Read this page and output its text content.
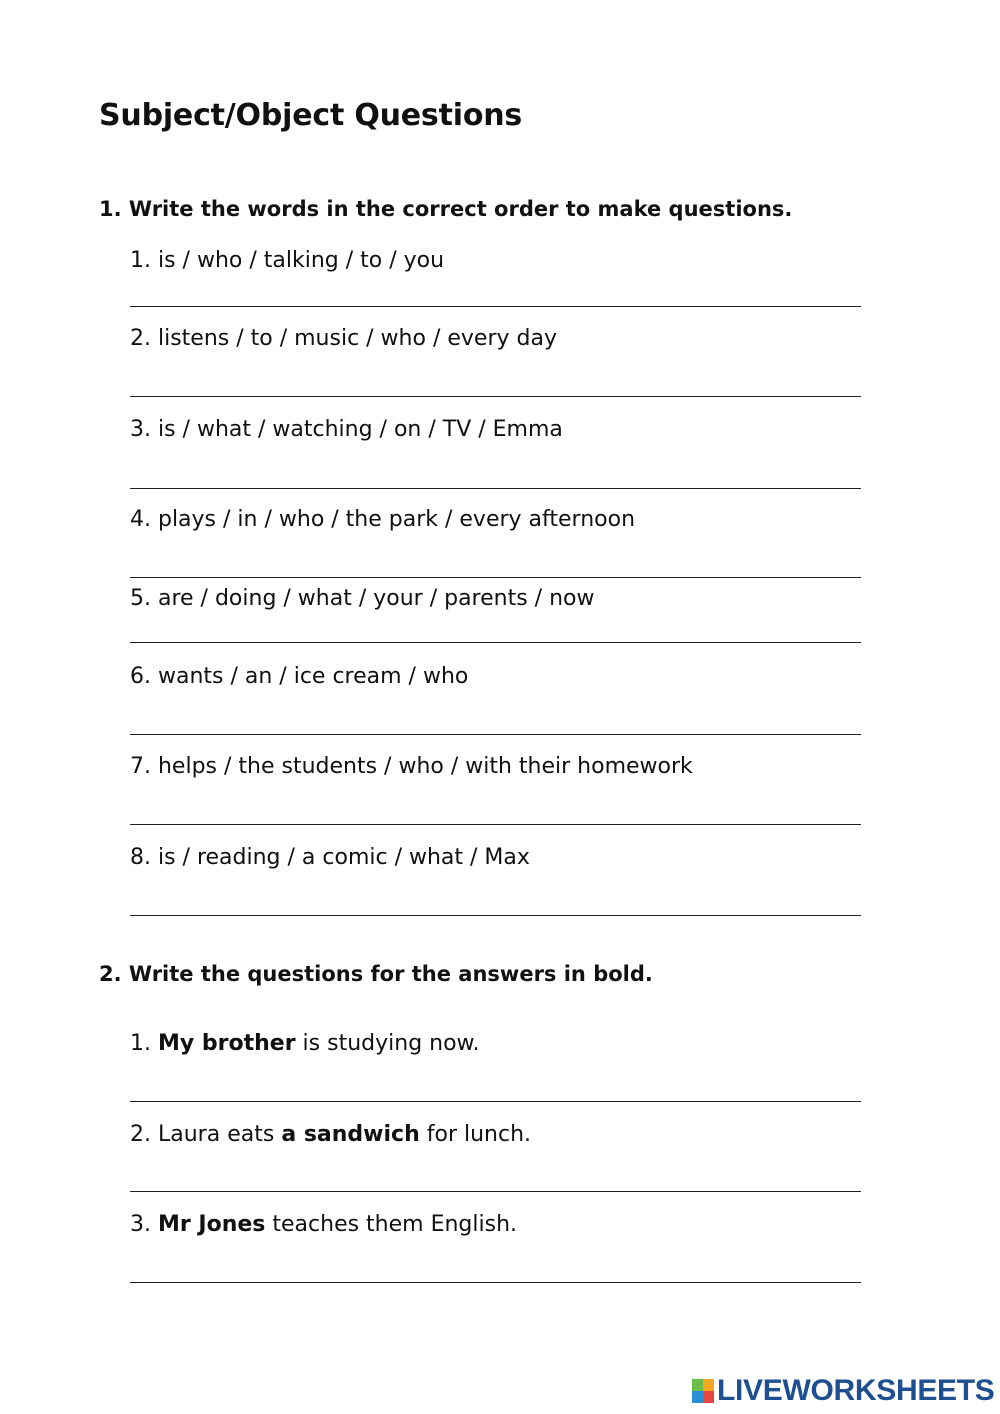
Subject/Object Questions
1. Write the words in the correct order to make questions.

1. is / who / talking / to / you

2. listens / to / music / who / every day

3. is / what / watching / on / TV / Emma

4. plays / in / who / the park / every afternoon

5. are / doing / what / your / parents / now

6. wants / an / ice cream / who

7. helps / the students / who / with their homework

8. is / reading / a comic / what / Max

2. Write the questions for the answers in bold.

1. My brother is studying now.

2. Laura eats a sandwich for lunch.

3. Mr Jones teaches them English.

LIVEWORKSHEETS
